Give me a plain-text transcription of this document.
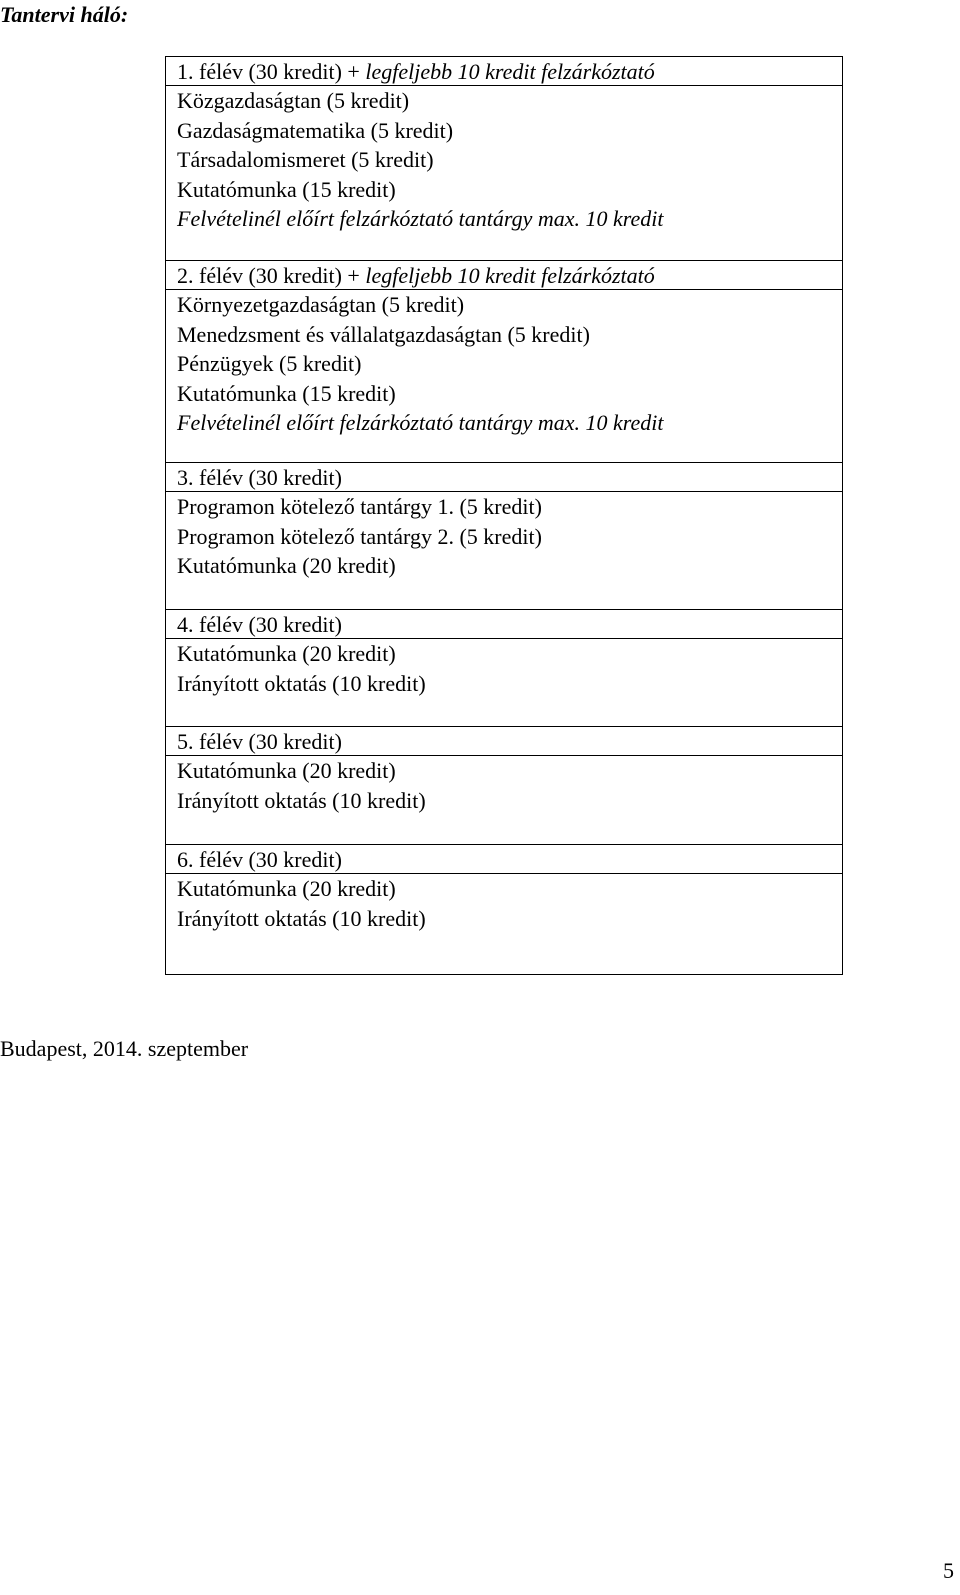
Tantervi háló:
1. félév (30 kredit) + legfeljebb 10 kredit felzárkóztató
Közgazdaságtan (5 kredit)
Gazdaságmatematika (5 kredit)
Társadalomismeret (5 kredit)
Kutatómunka (15 kredit)
Felvételinél előírt felzárkóztató tantárgy max. 10 kredit
2. félév (30 kredit) + legfeljebb 10 kredit felzárkóztató
Környezetgazdaságtan (5 kredit)
Menedzsment és vállalatgazdaságtan (5 kredit)
Pénzügyek (5 kredit)
Kutatómunka (15 kredit)
Felvételinél előírt felzárkóztató tantárgy max. 10 kredit
3. félév (30 kredit)
Programon kötelező tantárgy 1. (5 kredit)
Programon kötelező tantárgy 2. (5 kredit)
Kutatómunka (20 kredit)
4. félév (30 kredit)
Kutatómunka (20 kredit)
Irányított oktatás (10 kredit)
5. félév (30 kredit)
Kutatómunka (20 kredit)
Irányított oktatás (10 kredit)
6. félév (30 kredit)
Kutatómunka (20 kredit)
Irányított oktatás (10 kredit)
Budapest, 2014. szeptember
5
